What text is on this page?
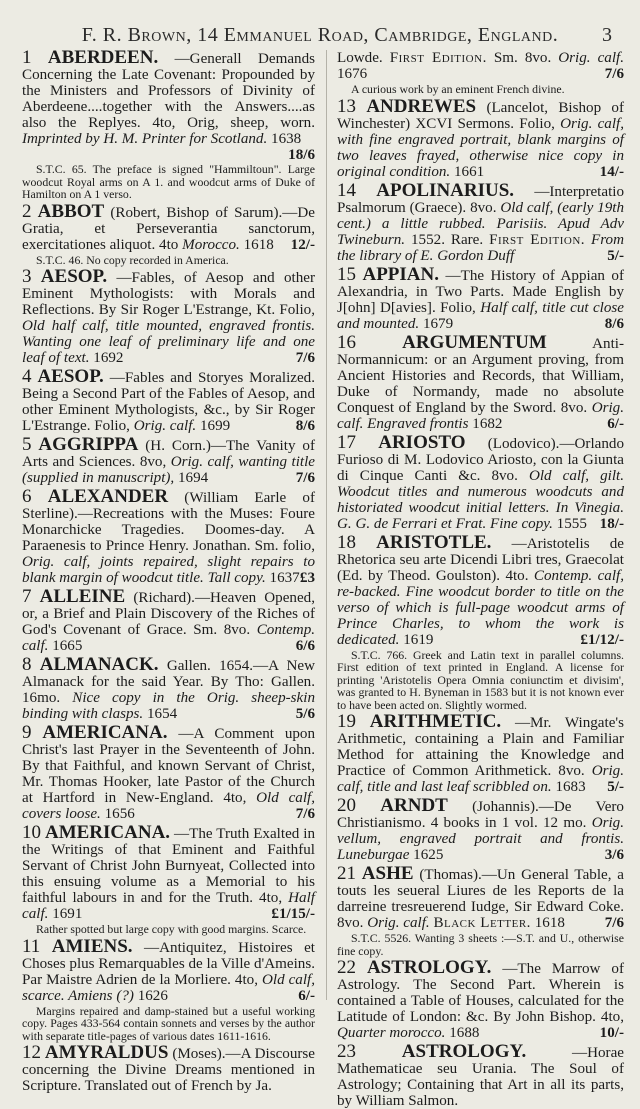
F. R. Brown, 14 Emmanuel Road, Cambridge, England.	3
1 ABERDEEN. —Generall Demands Concerning the Late Covenant: Propounded by the Ministers and Professors of Divinity of Aberdeene....together with the Answers....as also the Replyes. 4to, Orig, sheep, worn. Imprinted by H. M. Printer for Scotland. 1638
18/6
S.T.C. 65. The preface is signed "Hammiltoun". Large woodcut Royal arms on A 1. and woodcut arms of Duke of Hamilton on A 1 verso.
2 ABBOT (Robert, Bishop of Sarum).—De Gratia, et Perseverantia sanctorum, exercitationes aliquot. 4to Morocco. 1618 12/-
S.T.C. 46. No copy recorded in America.
3 AESOP. —Fables, of Aesop and other Eminent Mythologists: with Morals and Reflections. By Sir Roger L'Estrange, Kt. Folio, Old half calf, title mounted, engraved frontis. Wanting one leaf of preliminary life and one leaf of text. 1692	7/6
4 AESOP. —Fables and Storyes Moralized. Being a Second Part of the Fables of Aesop, and other Eminent Mythologists, &c., by Sir Roger L'Estrange. Folio, Orig. calf. 1699	8/6
5 AGGRIPPA (H. Corn.)—The Vanity of Arts and Sciences. 8vo, Orig. calf, wanting title (supplied in manuscript), 1694	7/6
6 ALEXANDER (William Earle of Sterline).—Recreations with the Muses: Foure Monarchicke Tragedies. Doomes-day. A Paraenesis to Prince Henry. Jonathan. Sm. folio, Orig. calf, joints repaired, slight repairs to blank margin of woodcut title. Tall copy. 1637 £3
7 ALLEINE (Richard).—Heaven Opened, or, a Brief and Plain Discovery of the Riches of God's Covenant of Grace. Sm. 8vo. Contemp. calf. 1665	6/6
8 ALMANACK. Gallen. 1654.—A New Almanack for the said Year. By Tho: Gallen. 16mo. Nice copy in the Orig. sheep-skin binding with clasps. 1654	5/6
9 AMERICANA. —A Comment upon Christ's last Prayer in the Seventeenth of John. By that Faithful, and known Servant of Christ, Mr. Thomas Hooker, late Pastor of the Church at Hartford in New-England. 4to, Old calf, covers loose. 1656	7/6
10 AMERICANA. —The Truth Exalted in the Writings of that Eminent and Faithful Servant of Christ John Burnyeat, Collected into this ensuing volume as a Memorial to his faithful labours in and for the Truth. 4to, Half calf. 1691	£1/15/-
Rather spotted but large copy with good margins. Scarce.
11 AMIENS. —Antiquitez, Histoires et Choses plus Remarquables de la Ville d'Ameins. Par Maistre Adrien de la Morliere. 4to, Old calf, scarce. Amiens (?) 1626	6/-
Margins repaired and damp-stained but a useful working copy. Pages 433-564 contain sonnets and verses by the author with separate title-pages of various dates 1611-1616.
12 AMYRALDUS (Moses).—A Discourse concerning the Divine Dreams mentioned in Scripture. Translated out of French by Ja.
Lowde. First Edition. Sm. 8vo. Orig. calf. 1676	7/6
A curious work by an eminent French divine.
13 ANDREWES (Lancelot, Bishop of Winchester) XCVI Sermons. Folio, Orig. calf, with fine engraved portrait, blank margins of two leaves frayed, otherwise nice copy in original condition. 1661	14/-
14 APOLINARIUS. —Interpretatio Psalmorum (Graece). 8vo. Old calf, (early 19th cent.) a little rubbed. Parisiis. Apud Adv Twineburn. 1552. Rare. First Edition. From the library of E. Gordon Duff	5/-
15 APPIAN. —The History of Appian of Alexandria, in Two Parts. Made English by J[ohn] D[avies]. Folio, Half calf, title cut close and mounted. 1679	8/6
16 ARGUMENTUM	Anti-Normannicum: or an Argument proving, from Ancient Histories and Records, that William, Duke of Normandy, made no absolute Conquest of England by the Sword. 8vo. Orig. calf. Engraved frontis 1682	6/-
17 ARIOSTO (Lodovico).—Orlando Furioso di M. Lodovico Ariosto, con la Giunta di Cinque Canti &c. 8vo. Old calf, gilt. Woodcut titles and numerous woodcuts and historiated woodcut initial letters. In Vinegia. G. G. de Ferrari et Frat. Fine copy. 1555 18/-
18 ARISTOTLE. —Aristotelis de Rhetorica seu arte Dicendi Libri tres, Graecolat (Ed. by Theod. Goulston). 4to. Contemp. calf, re-backed. Fine woodcut border to title on the verso of which is full-page woodcut arms of Prince Charles, to whom the work is dedicated. 1619	£1/12/-
S.T.C. 766. Greek and Latin text in parallel columns. First edition of text printed in England. A license for printing 'Aristotelis Opera Omnia coniunctim et divisim', was granted to H. Byneman in 1583 but it is not known ever to have been acted on. Slightly wormed.
19 ARITHMETIC. —Mr. Wingate's Arithmetic, containing a Plain and Familiar Method for attaining the Knowledge and Practice of Common Arithmetick. 8vo. Orig. calf, title and last leaf scribbled on. 1683 5/-
20 ARNDT (Johannis).—De Vero Christianismo. 4 books in 1 vol. 12 mo. Orig. vellum, engraved portrait and frontis. Luneburgae 1625	3/6
21 ASHE (Thomas).—Un General Table, a touts les seueral Liures de les Reports de la darreine tresreuerend Iudge, Sir Edward Coke. 8vo. Orig. calf. Black Letter. 1618	7/6
S.T.C. 5526. Wanting 3 sheets :—S.T. and U., otherwise fine copy.
22 ASTROLOGY. —The Marrow of Astrology. The Second Part. Wherein is contained a Table of Houses, calculated for the Latitude of London: &c. By John Bishop. 4to, Quarter morocco. 1688	10/-
23 ASTROLOGY.	—Horae Mathematicae seu Urania. The Soul of Astrology; Containing that Art in all its parts, by William Salmon.
